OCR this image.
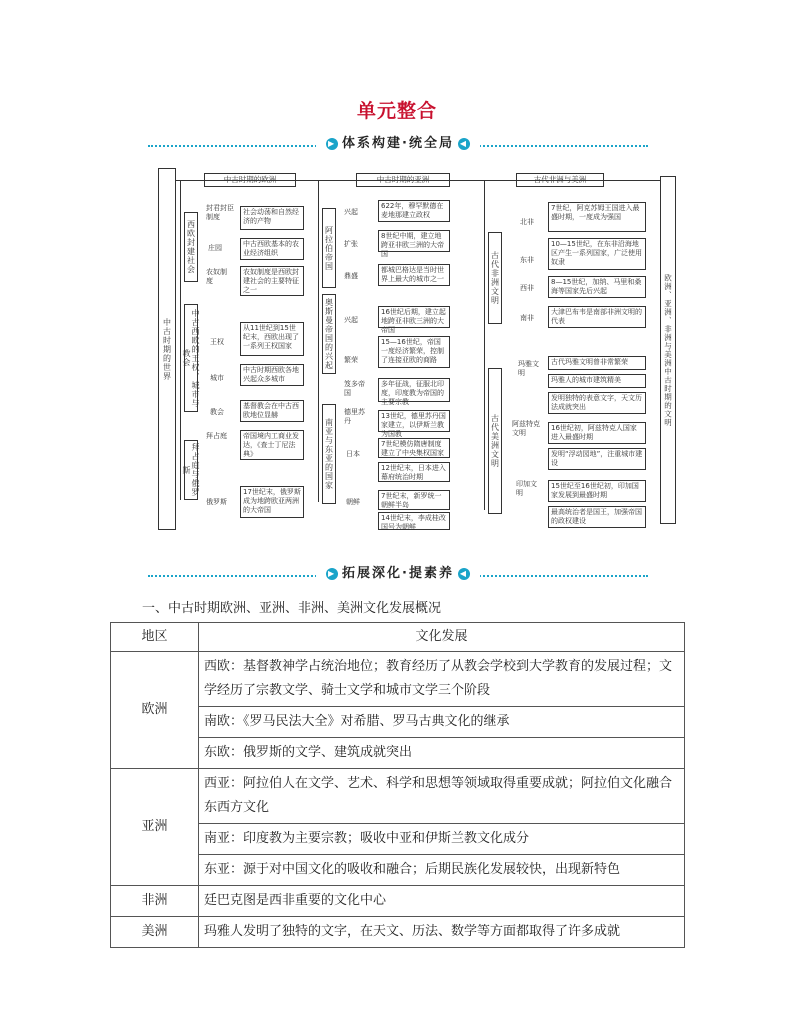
单元整合
▶ 体系构建·统全局 ◀
中古时期的世界	欧洲、亚洲、非洲与美洲中古时期的文明
西欧封建社会
中古西欧的王权、城市与教会
拜占庭与俄罗斯
封君封臣制度
社会动荡和自然经济的产物
庄园	中古西欧基本的农业经济组织
农奴制度
农奴制度是西欧封建社会的主要特征之一
王权
从11世纪到15世纪末，西欧出现了一系列王权国家
城市
中古时期西欧各地兴起众多城市
教会
基督教会在中古西欧地位显赫
拜占庭	帝国境内工商业发达，《查士丁尼法典》
俄罗斯
17世纪末，俄罗斯成为地跨欧亚两洲的大帝国
阿拉伯帝国
奥斯曼帝国的兴起
南亚与东亚的国家
兴起
622年，穆罕默德在麦地那建立政权
扩张
8世纪中期，建立地跨亚非欧三洲的大帝国
鼎盛
都城巴格达是当时世界上最大的城市之一
兴起
16世纪后期，建立起地跨亚非欧三洲的大帝国
繁荣
15—16世纪，帝国一度经济繁荣，控制了连接亚欧的商路
笈多帝国
多年征战，征服北印度，印度教为帝国的主要宗教
德里苏丹
13世纪，德里苏丹国家建立，以伊斯兰教为国教
日本
7世纪模仿隋唐制度建立了中央集权国家
12世纪末，日本进入幕府统治时期
朝鲜
7世纪末，新罗统一朝鲜半岛
14世纪末，李成桂改国号为朝鲜
古代非洲文明
古代美洲文明
北非
7世纪，阿克苏姆王国进入最盛时期，一度成为强国
东非
10—15世纪，在东非沿海地区产生一系列国家，广泛使用奴隶
西非
8—15世纪，加纳、马里和桑海等国家先后兴起
南非
大津巴布韦是南部非洲文明的代表
玛雅文明
古代玛雅文明曾非常繁荣
玛雅人的城市建筑精美
发明独特的表意文字，天文历法成就突出
阿兹特克文明
16世纪初，阿兹特克人国家进入最盛时期
发明“浮动园地”，注重城市建设
印加文明
15世纪至16世纪初，印加国家发展到最盛时期
最高统治者是国王，加强帝国的政权建设
▶ 拓展深化·提素养 ◀
一、中古时期欧洲、亚洲、非洲、美洲文化发展概况
地区	文化发展
欧洲	西欧：基督教神学占统治地位；教育经历了从教会学校到大学教育的发展过程；文学经历了宗教文学、骑士文学和城市文学三个阶段
	南欧：《罗马民法大全》对希腊、罗马古典文化的继承
	东欧：俄罗斯的文学、建筑成就突出
亚洲	西亚：阿拉伯人在文学、艺术、科学和思想等领域取得重要成就；阿拉伯文化融合东西方文化
	南亚：印度教为主要宗教；吸收中亚和伊斯兰教文化成分
	东亚：源于对中国文化的吸收和融合；后期民族化发展较快，出现新特色
非洲	廷巴克图是西非重要的文化中心
美洲	玛雅人发明了独特的文字，在天文、历法、数学等方面都取得了许多成就
